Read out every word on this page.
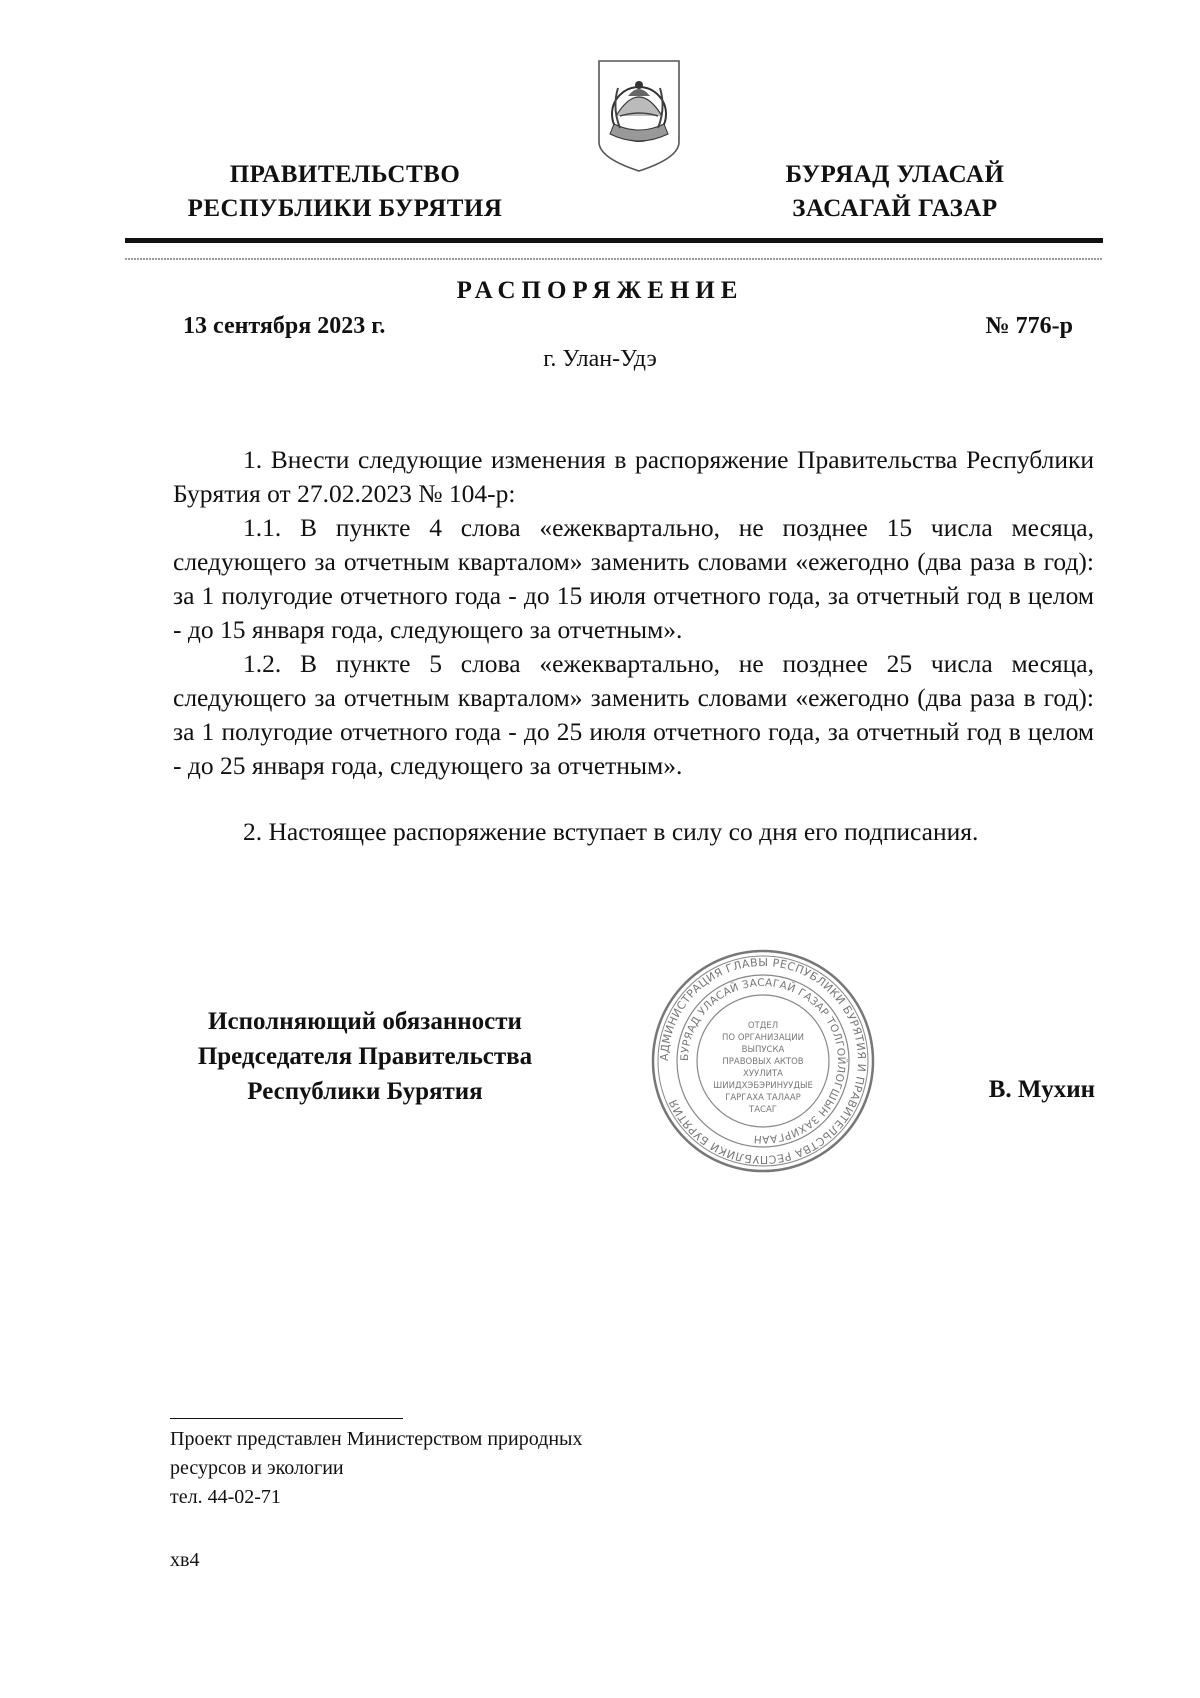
ПРАВИТЕЛЬСТВО
РЕСПУБЛИКИ БУРЯТИЯ
БУРЯАД УЛАСАЙ
ЗАСАГАЙ ГАЗАР
РАСПОРЯЖЕНИЕ
13 сентября 2023 г.	№ 776-р
г. Улан-Удэ

1. Внести следующие изменения в распоряжение Правительства Республики Бурятия от 27.02.2023 № 104-р:

1.1. В пункте 4 слова «ежеквартально, не позднее 15 числа месяца, следующего за отчетным кварталом» заменить словами «ежегодно (два раза в год): за 1 полугодие отчетного года - до 15 июля отчетного года, за отчетный год в целом - до 15 января года, следующего за отчетным».

1.2. В пункте 5 слова «ежеквартально, не позднее 25 числа месяца, следующего за отчетным кварталом» заменить словами «ежегодно (два раза в год): за 1 полугодие отчетного года - до 25 июля отчетного года, за отчетный год в целом - до 25 января года, следующего за отчетным».

2. Настоящее распоряжение вступает в силу со дня его подписания.

Исполняющий обязанности
Председателя Правительства
Республики Бурятия
АДМИНИСТРАЦИЯ ГЛАВЫ РЕСПУБЛИКИ БУРЯТИЯ И ПРАВИТЕЛЬСТВА РЕСПУБЛИКИ БУРЯТИЯ
БУРЯАД УЛАСАЙ ЗАСАГАЙ ГАЗАР ТОЛГОЙЛОГШЫН ЗАХИРГААН
ОТДЕЛ
ПО ОРГАНИЗАЦИИ
ВЫПУСКА
ПРАВОВЫХ АКТОВ
ХУУЛИТА
ШИИДХЭБЭРИНУУДЫЕ
ГАРГАХА ТАЛААР
ТАСАГ
В. Мухин
Проект представлен Министерством природных
ресурсов и экологии
тел. 44-02-71
хв4
